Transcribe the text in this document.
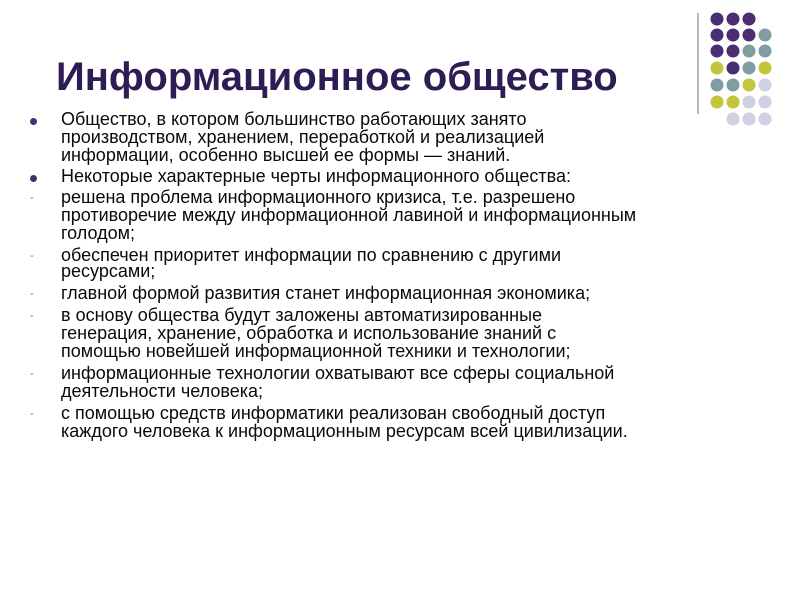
Информационное общество
Общество, в котором большинство работающих занято
производством, хранением, переработкой и реализацией
информации, особенно высшей ее формы — знаний.
Некоторые характерные черты информационного общества:
- решена проблема информационного кризиса, т.е. разрешено
противоречие между информационной лавиной и информационным
голодом;
- обеспечен приоритет информации по сравнению с другими
ресурсами;
- главной формой развития станет информационная экономика;
- в основу общества будут заложены автоматизированные
генерация, хранение, обработка и использование знаний с
помощью новейшей информационной техники и технологии;
- информационные технологии охватывают все сферы социальной
деятельности человека;
- с помощью средств информатики реализован свободный доступ
каждого человека к информационным ресурсам всей цивилизации.
